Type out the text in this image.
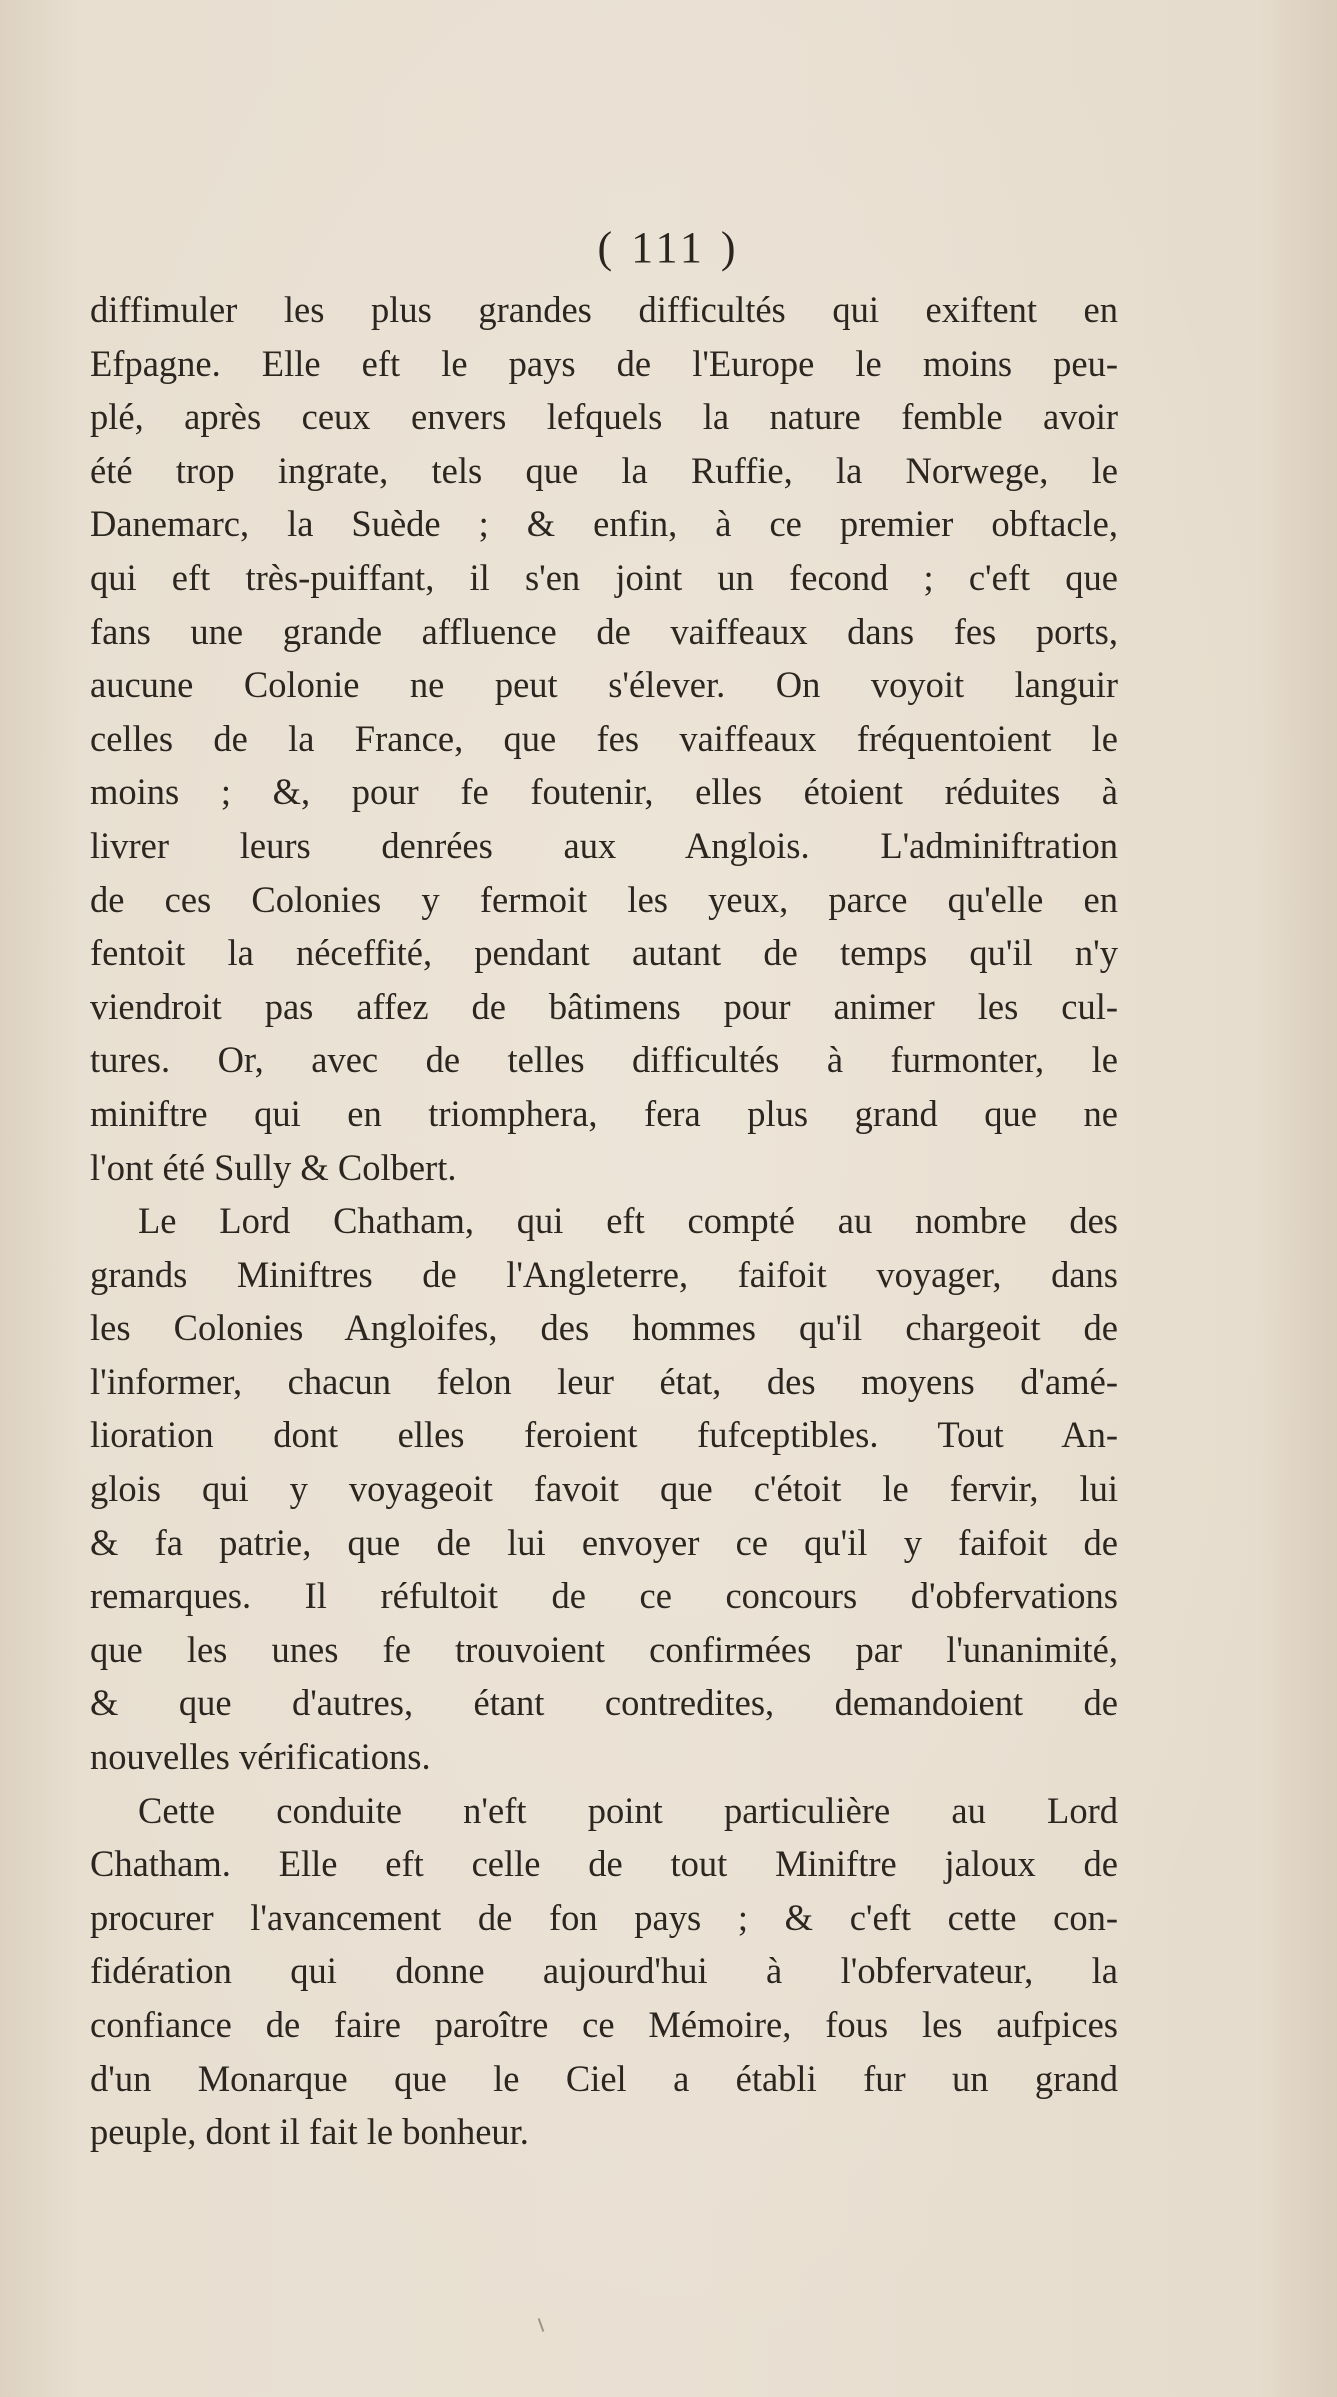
( 111 )
diffimuler les plus grandes difficultés qui exiftent en
Efpagne. Elle eft le pays de l'Europe le moins peu-
plé, après ceux envers lefquels la nature femble avoir
été trop ingrate, tels que la Ruffie, la Norwege, le
Danemarc, la Suède ; & enfin, à ce premier obftacle,
qui eft très-puiffant, il s'en joint un fecond ; c'eft que
fans une grande affluence de vaiffeaux dans fes ports,
aucune Colonie ne peut s'élever. On voyoit languir
celles de la France, que fes vaiffeaux fréquentoient le
moins ; &, pour fe foutenir, elles étoient réduites à
livrer leurs denrées aux Anglois. L'adminiftration
de ces Colonies y fermoit les yeux, parce qu'elle en
fentoit la néceffité, pendant autant de temps qu'il n'y
viendroit pas affez de bâtimens pour animer les cul-
tures. Or, avec de telles difficultés à furmonter, le
miniftre qui en triomphera, fera plus grand que ne
l'ont été Sully & Colbert.
Le Lord Chatham, qui eft compté au nombre des
grands Miniftres de l'Angleterre, faifoit voyager, dans
les Colonies Angloifes, des hommes qu'il chargeoit de
l'informer, chacun felon leur état, des moyens d'amé-
lioration dont elles feroient fufceptibles. Tout An-
glois qui y voyageoit favoit que c'étoit le fervir, lui
& fa patrie, que de lui envoyer ce qu'il y faifoit de
remarques. Il réfultoit de ce concours d'obfervations
que les unes fe trouvoient confirmées par l'unanimité,
& que d'autres, étant contredites, demandoient de
nouvelles vérifications.
Cette conduite n'eft point particulière au Lord
Chatham. Elle eft celle de tout Miniftre jaloux de
procurer l'avancement de fon pays ; & c'eft cette con-
fidération qui donne aujourd'hui à l'obfervateur, la
confiance de faire paroître ce Mémoire, fous les aufpices
d'un Monarque que le Ciel a établi fur un grand
peuple, dont il fait le bonheur.
